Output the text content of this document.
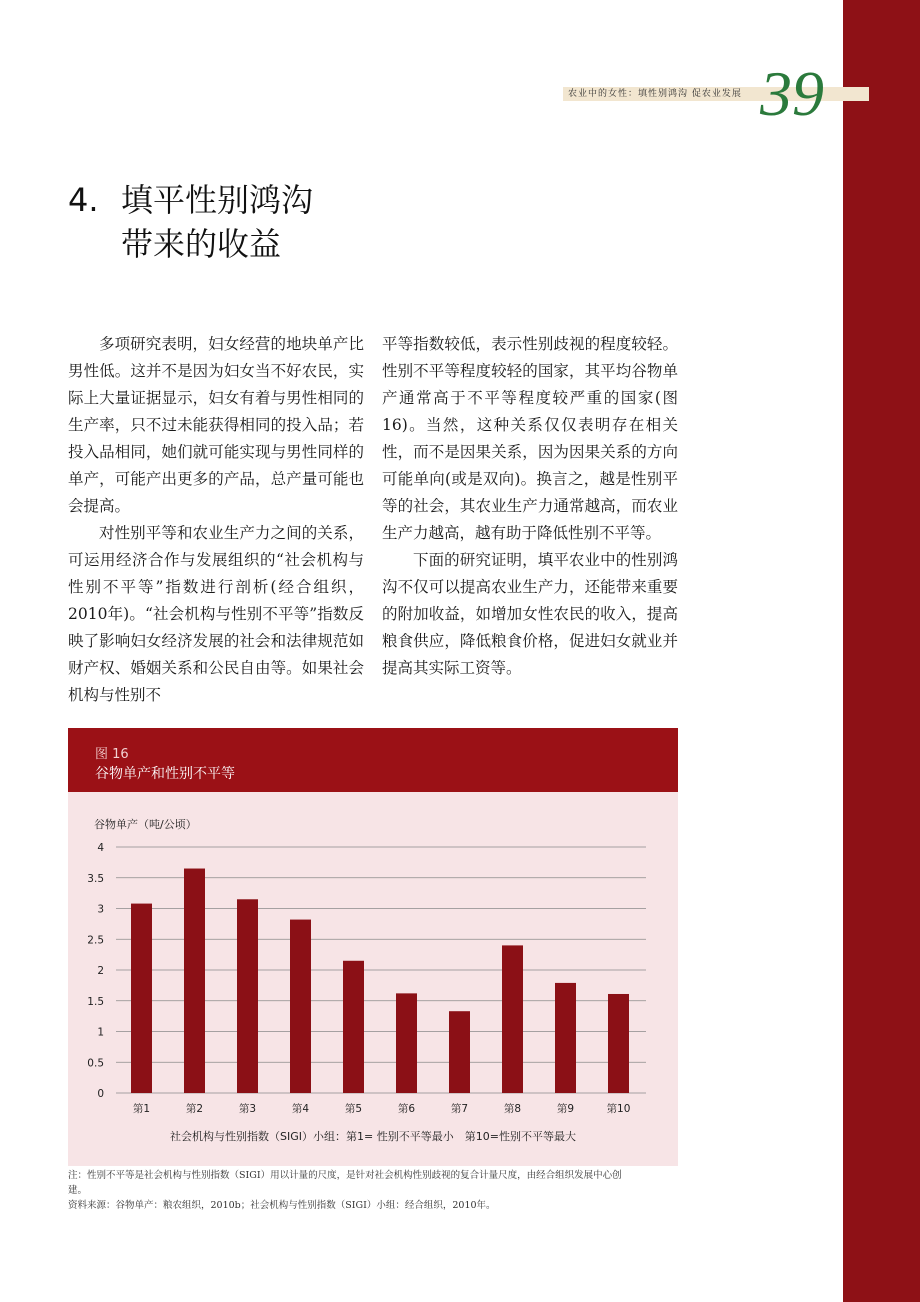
农业中的女性：填性别鸿沟 促农业发展 39
4. 填平性别鸿沟
带来的收益

多项研究表明，妇女经营的地块单产比男性低。这并不是因为妇女当不好农民，实际上大量证据显示，妇女有着与男性相同的生产率，只不过未能获得相同的投入品；若投入品相同，她们就可能实现与男性同样的单产，可能产出更多的产品，总产量可能也会提高。

对性别平等和农业生产力之间的关系，可运用经济合作与发展组织的“社会机构与性别不平等”指数进行剖析(经合组织，2010年)。“社会机构与性别不平等”指数反映了影响妇女经济发展的社会和法律规范如财产权、婚姻关系和公民自由等。如果社会机构与性别不

平等指数较低，表示性别歧视的程度较轻。性别不平等程度较轻的国家，其平均谷物单产通常高于不平等程度较严重的国家(图16)。当然，这种关系仅仅表明存在相关性，而不是因果关系，因为因果关系的方向可能单向(或是双向)。换言之，越是性别平等的社会，其农业生产力通常越高，而农业生产力越高，越有助于降低性别不平等。

下面的研究证明，填平农业中的性别鸿沟不仅可以提高农业生产力，还能带来重要的附加收益，如增加女性农民的收入，提高粮食供应，降低粮食价格，促进妇女就业并提高其实际工资等。

图 16
谷物单产和性别不平等
谷物单产（吨/公顷）
0
0.5
1
1.5
2
2.5
3
3.5
4
第1	第2	第3	第4	第5	第6	第7	第8	第9	第10
社会机构与性别指数（SIGI）小组：第1= 性别不平等最小　第10=性别不平等最大
注：性别不平等是社会机构与性别指数（SIGI）用以计量的尺度，是针对社会机构性别歧视的复合计量尺度，由经合组织发展中心创建。
资料来源：谷物单产：粮农组织，2010b；社会机构与性别指数（SIGI）小组：经合组织，2010年。
